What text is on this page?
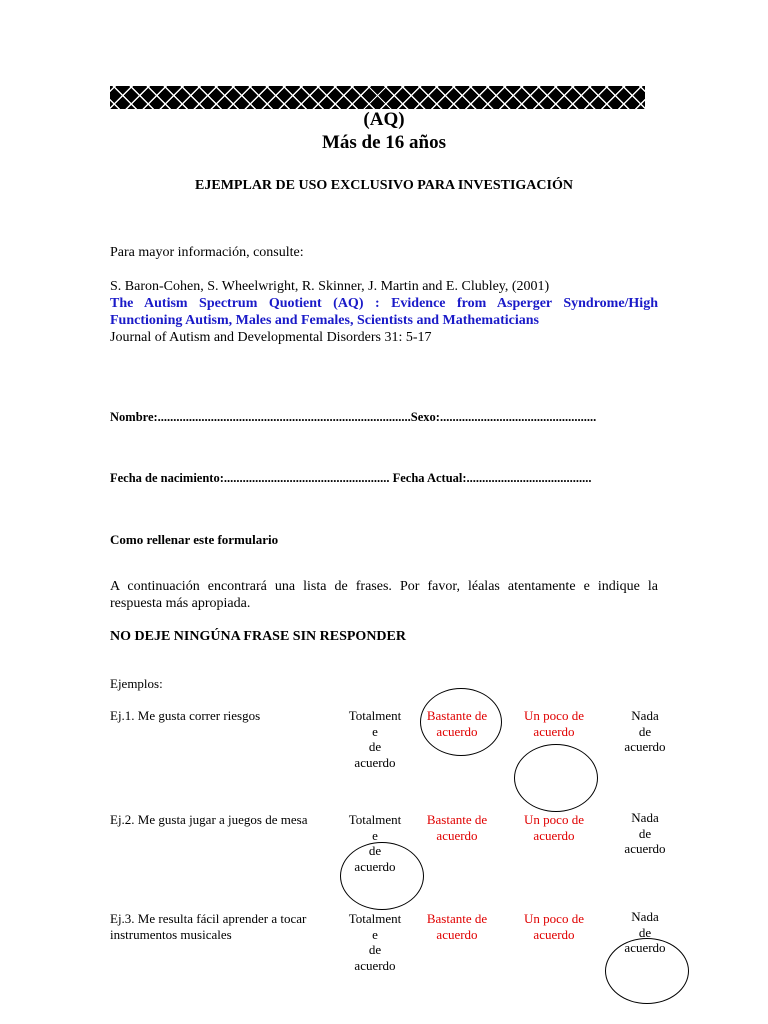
(AQ)
Más de 16 años
EJEMPLAR DE USO EXCLUSIVO PARA INVESTIGACIÓN
Para mayor información, consulte:
S. Baron-Cohen, S. Wheelwright, R. Skinner, J. Martin and E. Clubley, (2001)
The Autism Spectrum Quotient (AQ) : Evidence from Asperger Syndrome/High
Functioning Autism, Males and Females, Scientists and Mathematicians
Journal of Autism and Developmental Disorders 31: 5-17
Nombre:.................................................................................Sexo:..................................................
Fecha de nacimiento:..................................................... Fecha Actual:........................................
Como rellenar este formulario
A continuación encontrará una lista de frases. Por favor, léalas atentamente e indique la
respuesta más apropiada.
NO DEJE NINGÚNA FRASE SIN RESPONDER
Ejemplos:
Ej.1. Me gusta correr riesgos	Totalment
e
de
acuerdo
Bastante de
acuerdo
Un poco de
acuerdo
Nada
de
acuerdo
Ej.2. Me gusta jugar a juegos de mesa	Totalment
e
de
acuerdo
Bastante de
acuerdo
Un poco de
acuerdo
Nada
de
acuerdo
Ej.3. Me resulta fácil aprender a tocar
instrumentos musicales
Totalment
e
de
acuerdo
Bastante de
acuerdo
Un poco de
acuerdo
Nada
de
acuerdo
